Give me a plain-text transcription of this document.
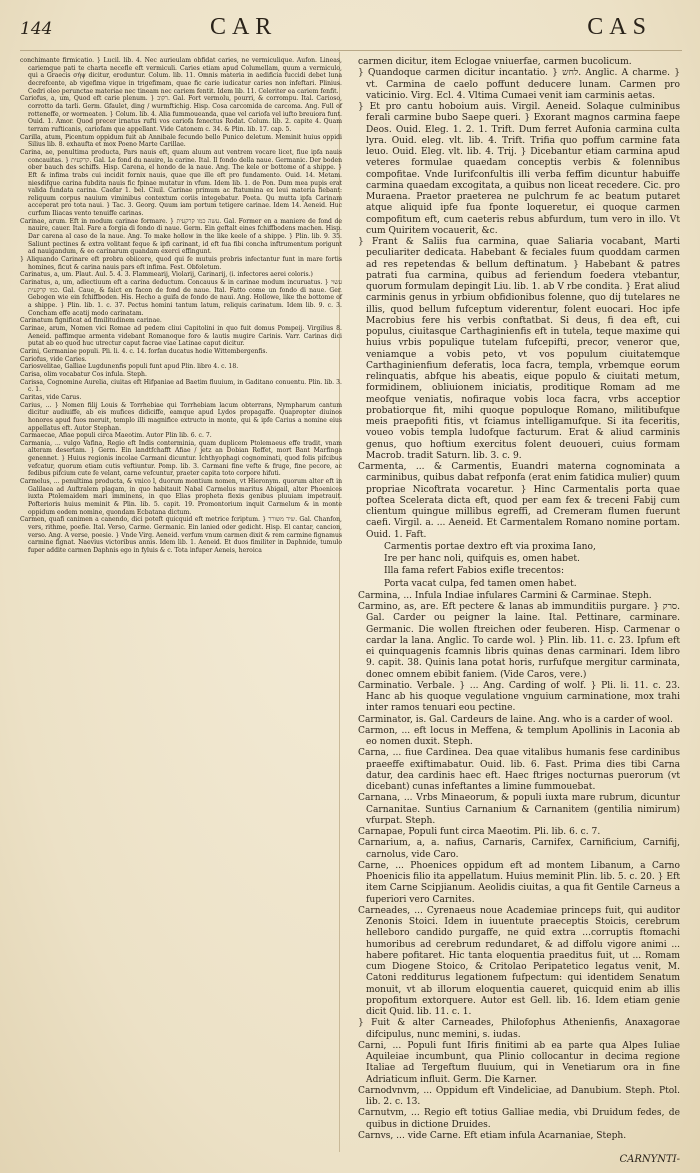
144	CAR	CAS

conchimante firmicatio. } Lucil. lib. 4. Nec aurieulam obfidat caries, ne vermiculique. Aufon. Lineas, cariemque pati te charta necefle eft vermiculi. Caries etiam apud Columellam, quum a vermiculo, qui a Graecis σήψ dicitur, eroduntur. Colum. lib. 11. Omnis materia in aedificia fuccidi debet luna decrefcente, ab vigefima vique in trigefimam, quae fic carie iudicatur caries non infeftari. Plinius. Cedri oleo perunctae materiae nec tineam nec cariem fentit. Idem lib. 11. Celeriter ea cariem fenfit.

Cariofus, a, um, Quod eft carie plenum. } רקוב. Gal. Fort vermolu, pourri, & corrompu. Ital. Carioso, corrotto da tarli. Germ. Gfaulet, ding / wurmftichig. Hisp. Cosa carcomida de carcoma. Ang. Full of rotteneffe, or wormeaten. } Colum. lib. 4. Alia fummoueanda, quae vel cariofa vel iufto breuiora funt. Ouid. 1. Amor. Quod precer irnatus rufti vos cariofa fenectus Rodat. Colum. lib. 2. capite 4. Quam terram rufticanis, cariofam que appellant. Vide Catonem c. 34. & Plin. lib. 17. cap. 5.

Carilla, atum, Picentum oppidum fuit ab Annibale fecundo bello Punico deletum. Meminit huius oppidi Silius lib. 8. exhaufta et mox Poeno Marte Carillae.

Carina, ae, penultima producta, Pars nauis eft, quam aluum aut ventrem vocare licet, fiue ipfa nauis concauitas. } קרקעית. Gal. Le fond du nauire, la carine. Ital. Il fondo della naue. Germanic. Der boden ober bauch des schiffs. Hisp. Carena, el hondo de la naue. Ang. The kele or bottome of a shippe. } Eft & infima trabs cui incidit fornix nauis, quae que ille eft pro fundamento. Ouid. 14. Metam. niesdifque carina fubdita nauis fic fpinae mutatur in vfum. Idem lib. 1. de Pon. Dum mea pupis erat valida fundata carina. Caefar 1. bel. Ciuil. Carinae primum ac ftatumina ex leui materia fiebant: reliquum corpus nauium viminibus contextum coriis integebatur. Poeta. Qu mutta ipfa Carinam acceperat pro tota naui. } Tac. 3. Georg. Quum iam portum tetigere carinae. Idem 14. Aeneid. Huc curfum Iliacas vento tenuiffe carinas.

Carinae, arum. Eft in modum carinae formare. } עשה כמו קרקעית. Gal. Former en a maniere de fond de nauire, cauer. Ital. Fare a forgia di fondo di naue. Germ. Ein geftalt eines fchiffbodens machen. Hisp. Dar carena al caso de la naue. Ang. To make hollow in the like keele of a shippe. } Plin. lib. 9. 35. Saliunt pectines & extra volitant feque & ipfi carinant, id eft fua fibi concha inftrumentum porigunt ad nauigandum, & eo carinarum quandam exerci effingunt.

} Aliquando Carinare eft probra obiicere, quod qui fe mutuis probris infectantur funt in mare fortis homines, ficut & carina nauis pars eft infima. Fest. Obfoletum.

Carinatus, a, um. Plaut. Aul. 5. 4. 3. Flammearij, Violarij, Carinarij, (i. infectores aerei coloris.)

Carinatus, a, um, adiectiuum eft a carina deductum. Concauus & in carinae modum incuruatus. } עשוי כמו קרקעית. Gal. Caue, & faict en facon de fond de naue. Ital. Fatto come un fondo di naue. Ger. Gebogen wie ein fchiffboden. His. Hecho a guifa de fondo de naui. Ang. Hollowe, like the bottome of a shippe. } Plin. lib. 1. c. 37. Pectus homini tantum latum, reliquis carinatum. Idem lib. 9. c. 3. Concham effe acatij modo carinatam.

Carinatum fignificat ad fimilitudinem carinae.

Carinae, arum, Nomen vici Romae ad pedem cliui Capitolini in quo fuit domus Pompeij. Virgilius 8. Aeneid. paffimque armenta videbant Romanoque foro & lautis mugire Carinis. Varr. Carinas dici putat ab eo quod huc utrectur caput facrae viae Latinae caput dicitur.

Carini, Germaniae populi. Pli. li. 4. c. 14. forfan ducatus hodie Wittembergenfis.

Cariofus, vide Caries.

Cariosvelitae, Galliae Lugdunenfis populi funt apud Plin. libro 4. c. 18.

Carisa, olim vocabatur Cos infula. Steph.

Carissa, Cognomine Aurelia, ciuitas eft Hifpaniae ad Baetim fluuium, in Gaditano conuentu. Plin. lib. 3. c. 1.

Caritas, vide Carus.

Carius, ... } Nomen filij Louis & Torrhebiae qui Torrhebiam lacum obterrans, Nympharum cantum dicitur audiuiffe, ab eis mufices didiciffe, eamque apud Lydos propagaffe. Quapropter diuinos honores apud fuos meruit, templo illi magnifice extructo in monte, qui & ipfe Carius a nomine eius appellatus eft. Autor Stephan.

Carmaecae, Afiae populi circa Maeotim. Autor Plin lib. 6. c. 7.

Carmania, ... vulgo Vafina, Regio eft Indis conterminia, quam duplicem Ptolemaeus effe tradit, vnam alteram desertam. } Germ. Ein landtfchafft Afiae / jetz an Dobian Reffet, mort Bant Marfinga genennet. } Huius regionis incolae Carmani dicuntur. Ichthyophagi cognominati, quod folis pifcibus vefcatur, quorum etiam cutis veftiuntur. Pomp. lib. 3. Carmani fine vefte & fruge, fine pecore, ac fedibus pifcium cute fe velant, carne vefcuntur, praeter capita toto corpore hifuti.

Carmelus, ... penultima producta, & vnico l, duorum montium nomen, vt Hieronym. quorum alter eft in Galilaea ad Auftralem plagam, in quo habitauit Nabal Carmelus maritus Abigail, alter Phoenices iuxta Ptolemaidem mari imminens, in quo Elias propheta flexis genibus pluuiam impetrauit. Pofterioris huius meminit & Plin. lib. 5. capit. 19. Promontorium inquit Carmelum & in monte oppidum eodem nomine, quondam Ecbatana dictum.

Carmen, quafi canimen a canendo, dici poteft quicquid eft metrice fcriptum. } שיר משורר. Gal. Chanfon, vers, rithme, poefie. Ital. Verso, Carme. Germanic. Ein lanied oder gedicht. Hisp. El cantar, cancion, verso. Ang. A verse, poesie. } Vnde Virg. Aeneid. verfum vnum carmen dixit & rem carmine fignamus carmine fignat. Naevius victoribus annis. Idem lib. 1. Aeneid. Et duos fimiliter in Daphnide, tumulo fuper addite carmen Daphnis ego in fyluis & c. Tota infuper Aeneis, heroica

carmen dicitur, item Eclogae vniuerfae, carmen bucolicum.

} Quandoque carmen dicitur incantatio. } לחש. Anglic. A charme. } vt. Carmina de caelo poffunt deducere lunam. Carmen pro vaticinio. Virg. Ecl. 4. Vltima Cumaei venit iam carminis aetas.

} Et pro cantu hoboium auis. Virgil. Aeneid. Solaque culminibus ferali carmine bubo Saepe queri. } Exorant magnos carmina faepe Deos. Ouid. Eleg. 1. 2. 1. Trift. Dum ferret Aufonia carmina culta lyra. Ouid. eleg. vlt. lib. 4. Trift. Trifia quo poffum carmine fata leuo. Ouid. Eleg. vlt. lib. 4. Trij. } Dicebantur etiam carmina apud veteres formulae quaedam conceptis verbis & folennibus compofitae. Vnde Iurifconfultis illi verba feffim dicuntur habuiffe carmina quaedam excogitata, a quibus non liceat recedere. Cic. pro Muraena. Praetor praeterea ne pulchrum fe ac beatum putaret atque aliquid ipfe fua fponte loqueretur, ei quoque carmen compofitum eft, cum caeteris rebus abfurdum, tum vero in illo. Vt cum Quiritem vocauerit, &c.

} Frant & Saliis fua carmina, quae Saliaria vocabant, Marti peculiariter dedicata. Habebant & feciales fuum quoddam carmen ad res repetendas & bellum deftinatum. } Habebant & patres patrati fua carmina, quibus ad feriendum foedera vtebantur, quorum formulam depingit Liu. lib. 1. ab V rbe condita. } Erat aliud carminis genus in yrbium obfidionibus folenne, quo dij tutelares ne illis, quod bellum fufceptum viderentur, folent euocari. Hoc ipfe Macrobius fere his verbis conftatbat. Si deus, fi dea eft, cui populus, ciuitasque Carthaginienfis eft in tutela, teque maxime qui huius vrbis populique tutelam fufcepifti, precor, veneror que, veniamque a vobis peto, vt vos populum ciuitatemque Carthaginienfium deferatis, loca facra, templa, vrbemque eorum relinquatis, abfque his abeatis, eique populo & ciuitati metum, formidinem, obliuionem iniciatis, proditique Romam ad me meofque veniatis, nofiraque vobis loca facra, vrbs acceptior probatiorque fit, mihi quoque populoque Romano, militibufque meis praepofiti fitis, vt fciamus intelligamufque. Si ita feceritis, voueo vobis templa ludofque facturum. Erat & aliud carminis genus, quo hoftium exercitus folent deuoueri, cuius formam Macrob. tradit Saturn. lib. 3. c. 9.

Carmenta, ... & Carmentis, Euandri materna cognominata a carminibus, quibus dabat refponfa (erat enim fatidica mulier) quum propriae Nicoftrata vocaretur. } Hinc Carmentalis porta quae poftea Scelerata dicta eft, quod per eam fex & treceni Fabij cum clientum quingue millibus egreffi, ad Cremeram flumen fuerunt caefi. Virgil. a. ... Aeneid. Et Carmentalem Romano nomine portam. Ouid. 1. Faft.

Carmentis portae dextro eft via proxima Iano,

Ire per hanc noli, quifquis es, omen habet.

Illa fama refert Fabios exifle trecentos:

Porta vacat culpa, fed tamen omen habet.

Carmina, ... Infula Indiae infulares Carmini & Carminae. Steph.

Carmino, as, are. Eft pectere & lanas ab immunditiis purgare. } סרק. Gal. Carder ou peigner la laine. Ital. Pettinare, carminare. Germanic. Die wollen ftreichen oder feuberen. Hisp. Carmenar o cardar la lana. Anglic. To carde wol. } Plin. lib. 11. c. 23. Ipfum eft ei quinquagenis fcamnis libris quinas denas carminari. Idem libro 9. capit. 38. Quinis lana potat horis, rurfufque mergitur carminata, donec omnem ebibit faniem. (Vide Caros, vere.)

Carminatio. Verbale. } ... Ang. Carding of wolf. } Pli. li. 11. c. 23. Hanc ab his quoque vegulatione vnguium carminatione, mox trahi inter ramos tenuari eou pectine.

Carminator, is. Gal. Cardeurs de laine. Ang. who is a carder of wool.

Carmon, ... eft locus in Meffena, & templum Apollinis in Laconia ab eo nomen duxit. Steph.

Carna, ... fiue Cardinea. Dea quae vitalibus humanis fese cardinibus praeeffe exiftimabatur. Ouid. lib. 6. Fast. Prima dies tibi Carna datur, dea cardinis haec eft. Haec ftriges nocturnas puerorum (vt dicebant) cunas infeftantes a limine fummouebat.

Carnana, ... Vrbs Minaeorum, & populi iuxta mare rubrum, dicuntur Carnanitae. Suntius Carnanium & Carnanitem (gentilia nimirum) vfurpat. Steph.

Carnapae, Populi funt circa Maeotim. Pli. lib. 6. c. 7.

Carnarium, a, a. nafius, Carnaris, Carnifex, Carnificium, Carnifij, carnolus, vide Caro.

Carne, ... Phoenices oppidum eft ad montem Libanum, a Carno Phoenicis filio ita appellatum. Huius meminit Plin. lib. 5. c. 20. } Eft item Carne Scipjianum. Aeolidis ciuitas, a qua fit Gentile Carneus a fuperiori vero Carnites.

Carneades, ... Cyrenaeus noue Academiae princeps fuit, qui auditor Zenonis Stoici. Idem in iuuentute praeceptis Stoicis, cerebrum helleboro candido purgaffe, ne quid extra ...corruptis ftomachi humoribus ad cerebrum redundaret, & ad diffolu vigore animi ... habere pofitaret. Hic tanta eloquentia praeditus fuit, ut ... Romam cum Diogene Stoico, & Critolao Peripatetico legatus venit, M. Catoni redditurus legationem fufpectum: qui identidem Senatum monuit, vt ab illorum eloquentia caueret, quicquid enim ab illis propofitum extorquere. Autor est Gell. lib. 16. Idem etiam genie dicit Quid. lib. 11. c. 1.

} Fuit & alter Carneades, Philofophus Athenienfis, Anaxagorae difcipulus, nunc memini, s. iudas.

Carni, ... Populi funt Ifiris finitimi ab ea parte qua Alpes Iuliae Aquileiae incumbunt, qua Plinio collocantur in decima regione Italiae ad Tergeftum fluuium, qui in Venetiarum ora in fine Adriaticum influit. Germ. Die Karner.

Carnodvnvm, ... Oppidum eft Vindeliciae, ad Danubium. Steph. Ptol. lib. 2. c. 13.

Carnutvm, ... Regio eft totius Galliae media, vbi Druidum fedes, de quibus in dictione Druides.

Carnvs, ... vide Carne. Eft etiam infula Acarnaniae, Steph.

CARNYNTI-
